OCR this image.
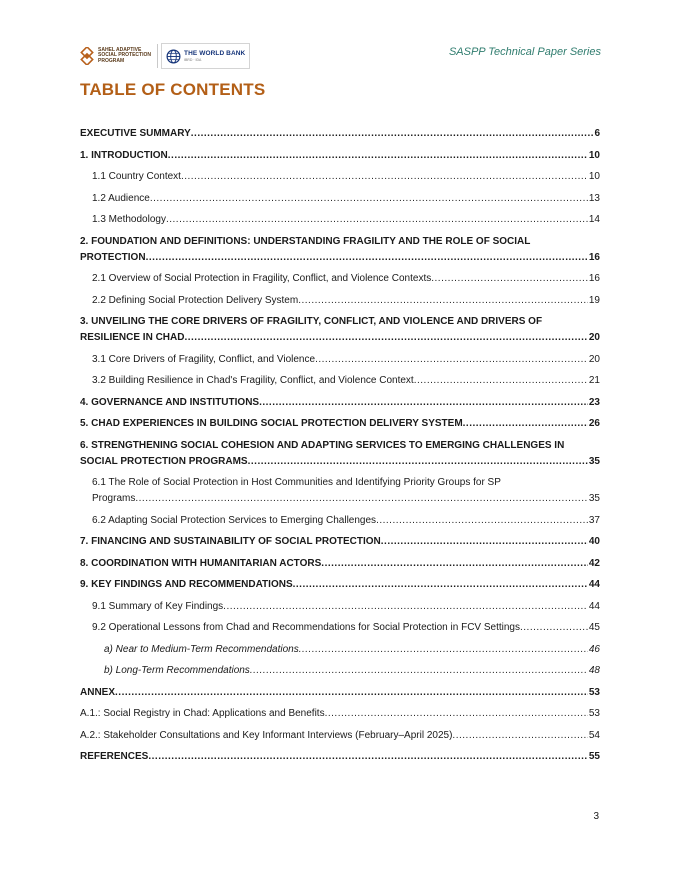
SAHEL ADAPTIVE
SOCIAL PROTECTION
PROGRAM
THE WORLD BANK
IBRD · IDA
SASPP Technical Paper Series
TABLE OF CONTENTS
EXECUTIVE SUMMARY .....	6
1. INTRODUCTION .....	10
1.1 Country Context .....	10
1.2 Audience .....	13
1.3 Methodology .....	14
2. FOUNDATION AND DEFINITIONS: UNDERSTANDING FRAGILITY AND THE ROLE OF SOCIAL
PROTECTION .....	16
2.1 Overview of Social Protection in Fragility, Conflict, and Violence Contexts .....	16
2.2 Defining Social Protection Delivery System .....	19
3. UNVEILING THE CORE DRIVERS OF FRAGILITY, CONFLICT, AND VIOLENCE AND DRIVERS OF
RESILIENCE IN CHAD .....	20
3.1 Core Drivers of Fragility, Conflict, and Violence .....	20
3.2 Building Resilience in Chad's Fragility, Conflict, and Violence Context .....	21
4. GOVERNANCE AND INSTITUTIONS .....	23
5. CHAD EXPERIENCES IN BUILDING SOCIAL PROTECTION DELIVERY SYSTEM .....	26
6. STRENGTHENING SOCIAL COHESION AND ADAPTING SERVICES TO EMERGING CHALLENGES IN
SOCIAL PROTECTION PROGRAMS .....	35
6.1 The Role of Social Protection in Host Communities and Identifying Priority Groups for SP
Programs .....	35
6.2 Adapting Social Protection Services to Emerging Challenges .....	37
7. FINANCING AND SUSTAINABILITY OF SOCIAL PROTECTION .....	40
8. COORDINATION WITH HUMANITARIAN ACTORS .....	42
9. KEY FINDINGS AND RECOMMENDATIONS .....	44
9.1 Summary of Key Findings .....	44
9.2 Operational Lessons from Chad and Recommendations for Social Protection in FCV Settings .....	45
a) Near to Medium-Term Recommendations .....	46
b) Long-Term Recommendations .....	48
ANNEX .....	53
A.1.: Social Registry in Chad: Applications and Benefits .....	53
A.2.: Stakeholder Consultations and Key Informant Interviews (February–April 2025) .....	54
REFERENCES .....	55
3
